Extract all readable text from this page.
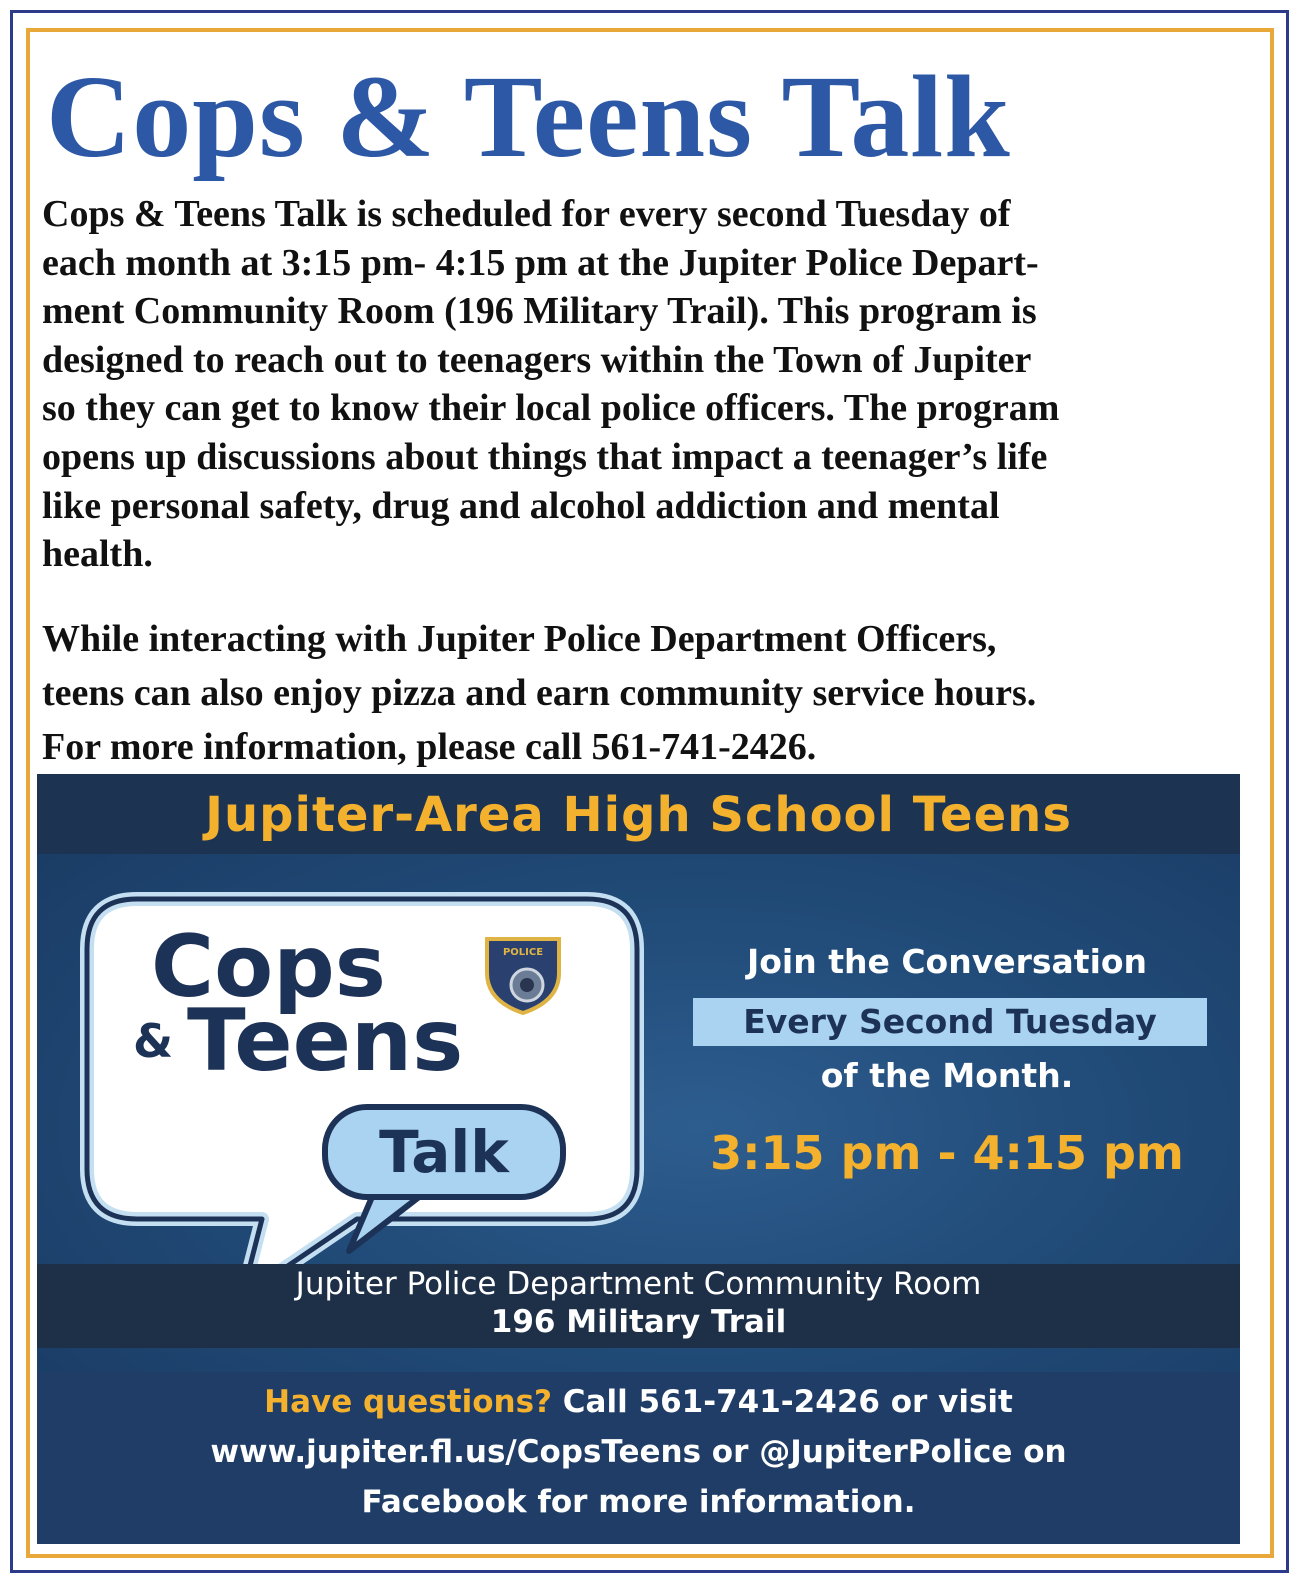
Cops & Teens Talk
Cops & Teens Talk is scheduled for every second Tuesday of
each month at 3:15 pm- 4:15 pm at the Jupiter Police Depart-
ment Community Room (196 Military Trail). This program is
designed to reach out to teenagers within the Town of Jupiter
so they can get to know their local police officers. The program
opens up discussions about things that impact a teenager’s life
like personal safety, drug and alcohol addiction and mental
health.
While interacting with Jupiter Police Department Officers,
teens can also enjoy pizza and earn community service hours.
For more information, please call 561-741-2426.
Jupiter-Area High School Teens
Cops
& Teens
Talk
POLICE	Join the Conversation
Every Second Tuesday
of the Month.
3:15 pm - 4:15 pm
Jupiter Police Department Community Room
196 Military Trail
Have questions? Call 561-741-2426 or visit
www.jupiter.fl.us/CopsTeens or @JupiterPolice on
Facebook for more information.
